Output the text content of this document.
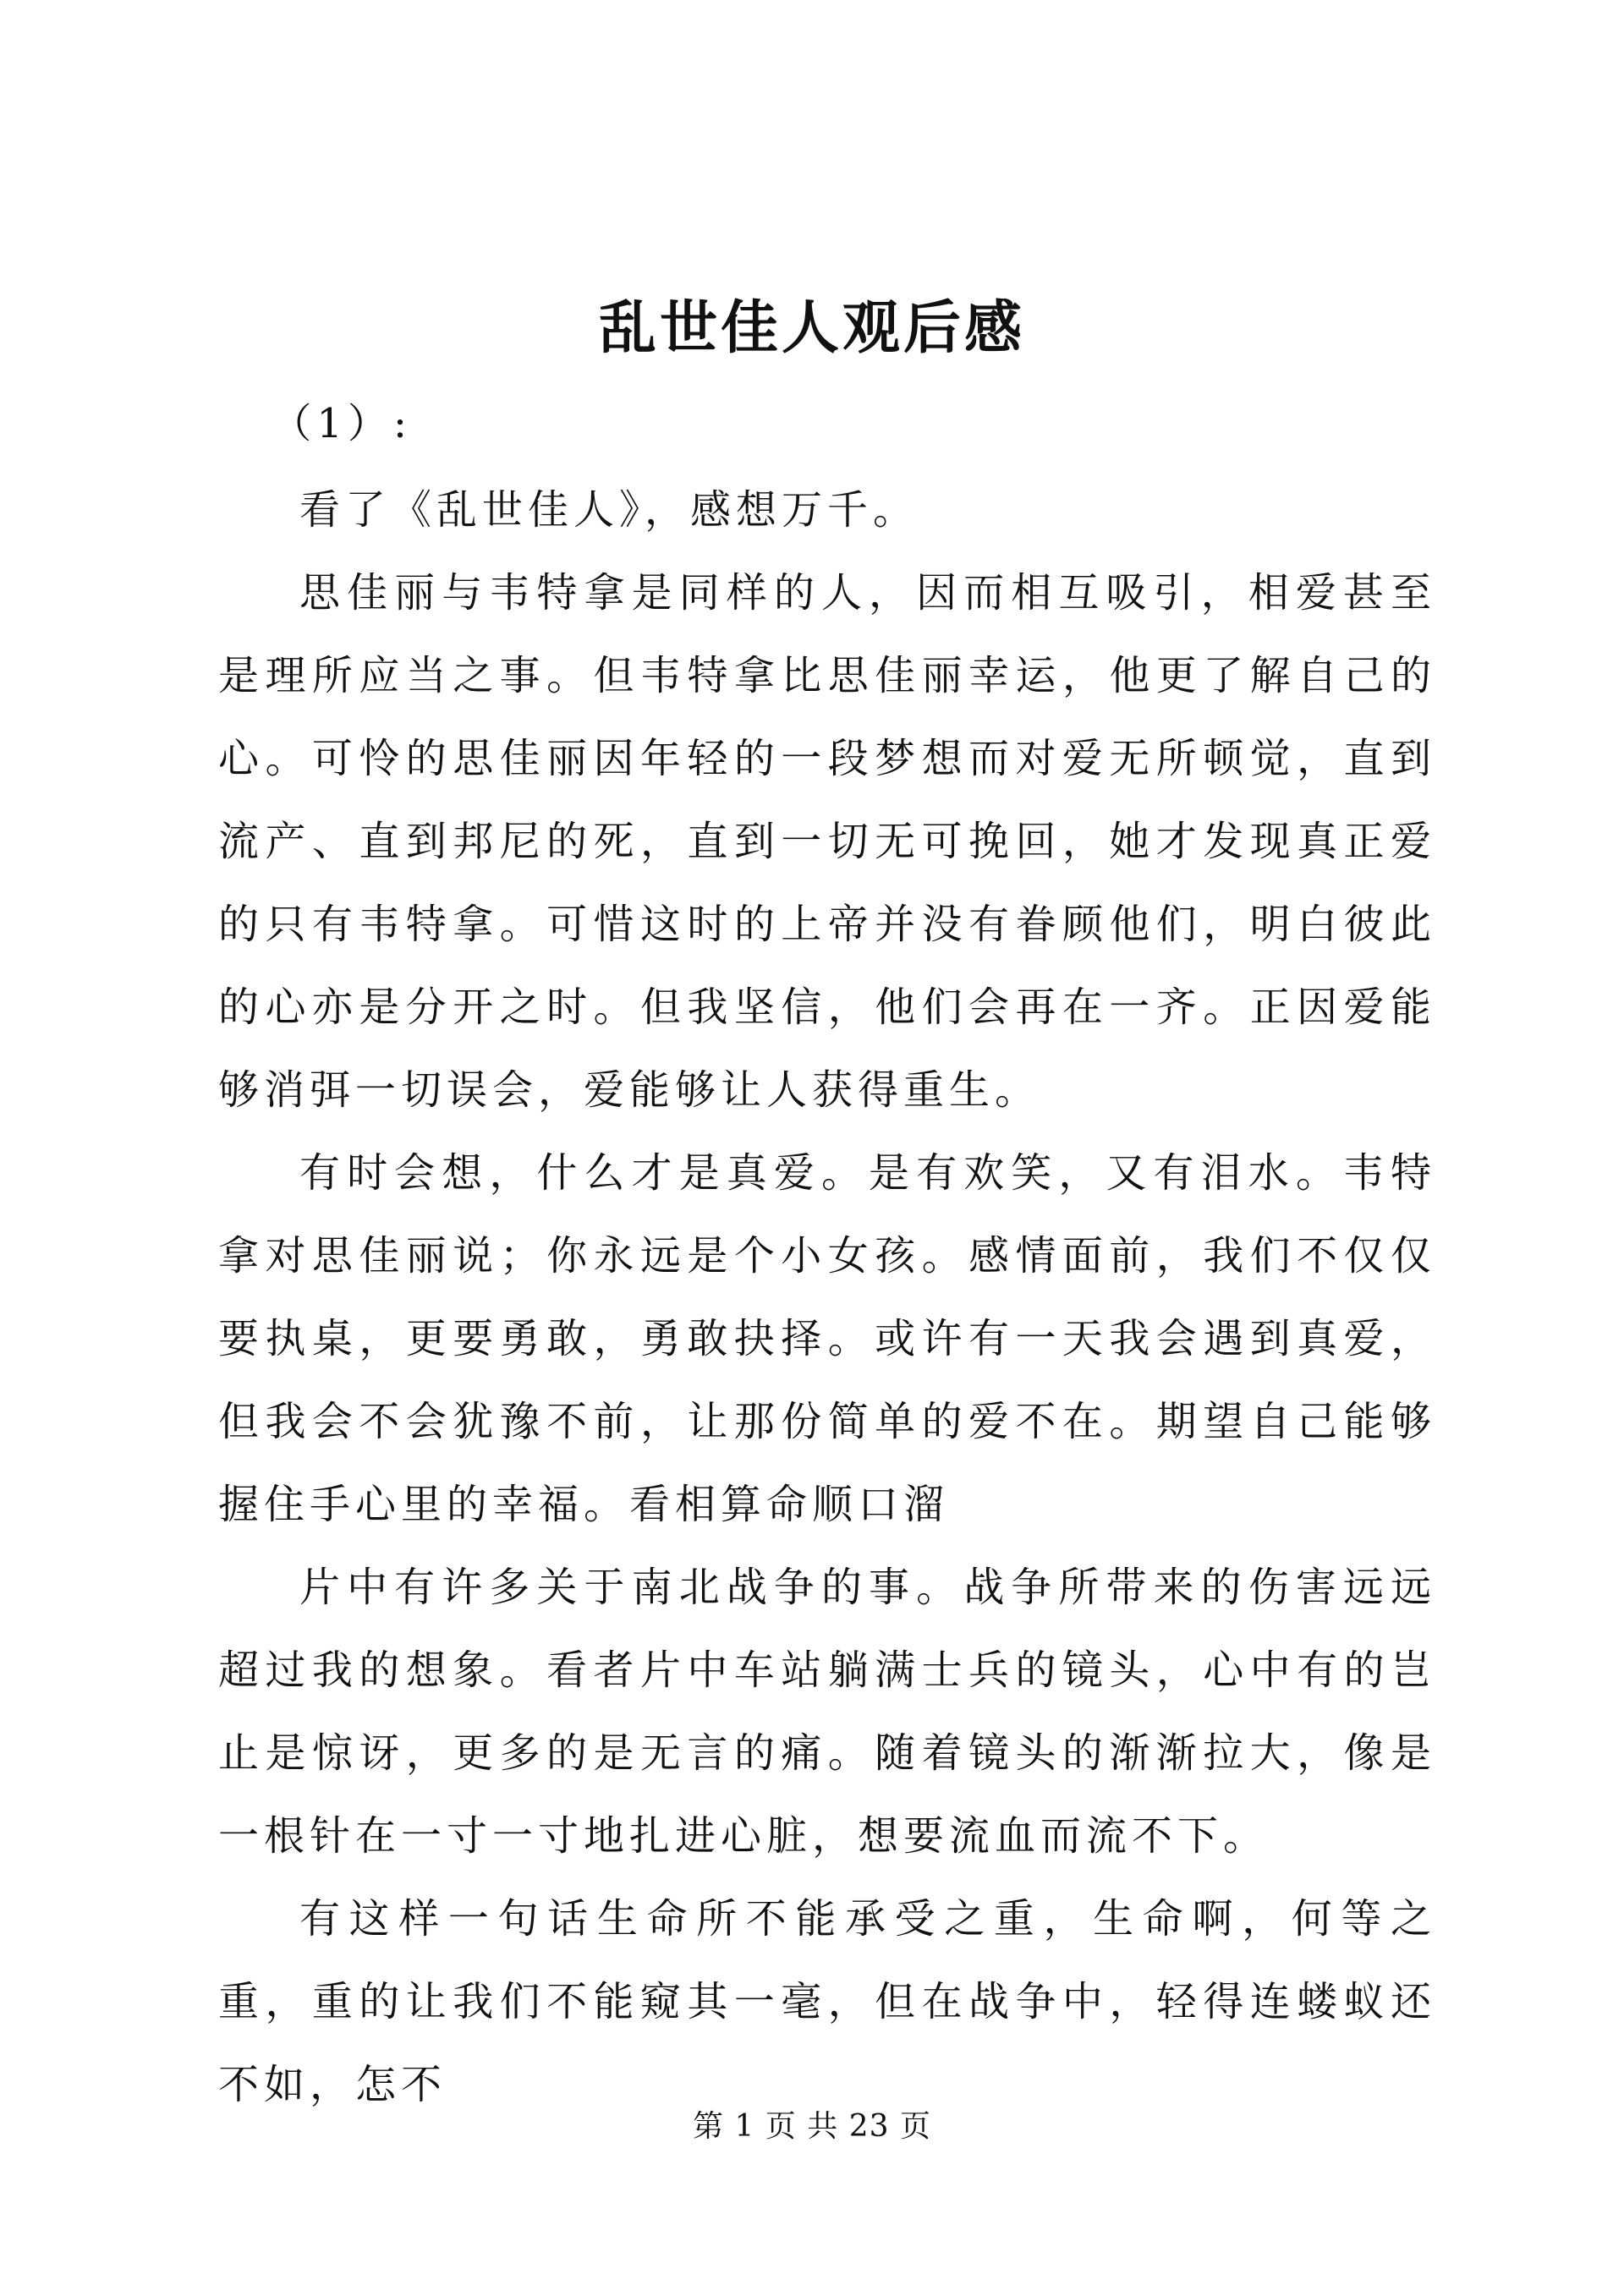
乱世佳人观后感

（1）:

看了《乱世佳人》，感想万千。

思佳丽与韦特拿是同样的人，因而相互吸引，相爱甚至是理所应当之事。但韦特拿比思佳丽幸运，他更了解自己的心。可怜的思佳丽因年轻的一段梦想而对爱无所顿觉，直到流产、直到邦尼的死，直到一切无可挽回，她才发现真正爱的只有韦特拿。可惜这时的上帝并没有眷顾他们，明白彼此的心亦是分开之时。但我坚信，他们会再在一齐。正因爱能够消弭一切误会，爱能够让人获得重生。

有时会想，什么才是真爱。是有欢笑，又有泪水。韦特拿对思佳丽说；你永远是个小女孩。感情面前，我们不仅仅要执桌，更要勇敢，勇敢抉择。或许有一天我会遇到真爱，但我会不会犹豫不前，让那份简单的爱不在。期望自己能够握住手心里的幸福。看相算命顺口溜

片中有许多关于南北战争的事。战争所带来的伤害远远超过我的想象。看者片中车站躺满士兵的镜头，心中有的岂止是惊讶，更多的是无言的痛。随着镜头的渐渐拉大，像是一根针在一寸一寸地扎进心脏，想要流血而流不下。

有这样一句话生命所不能承受之重，生命啊，何等之重，重的让我们不能窥其一毫，但在战争中，轻得连蝼蚁还不如，怎不

第 1 页 共 23 页
